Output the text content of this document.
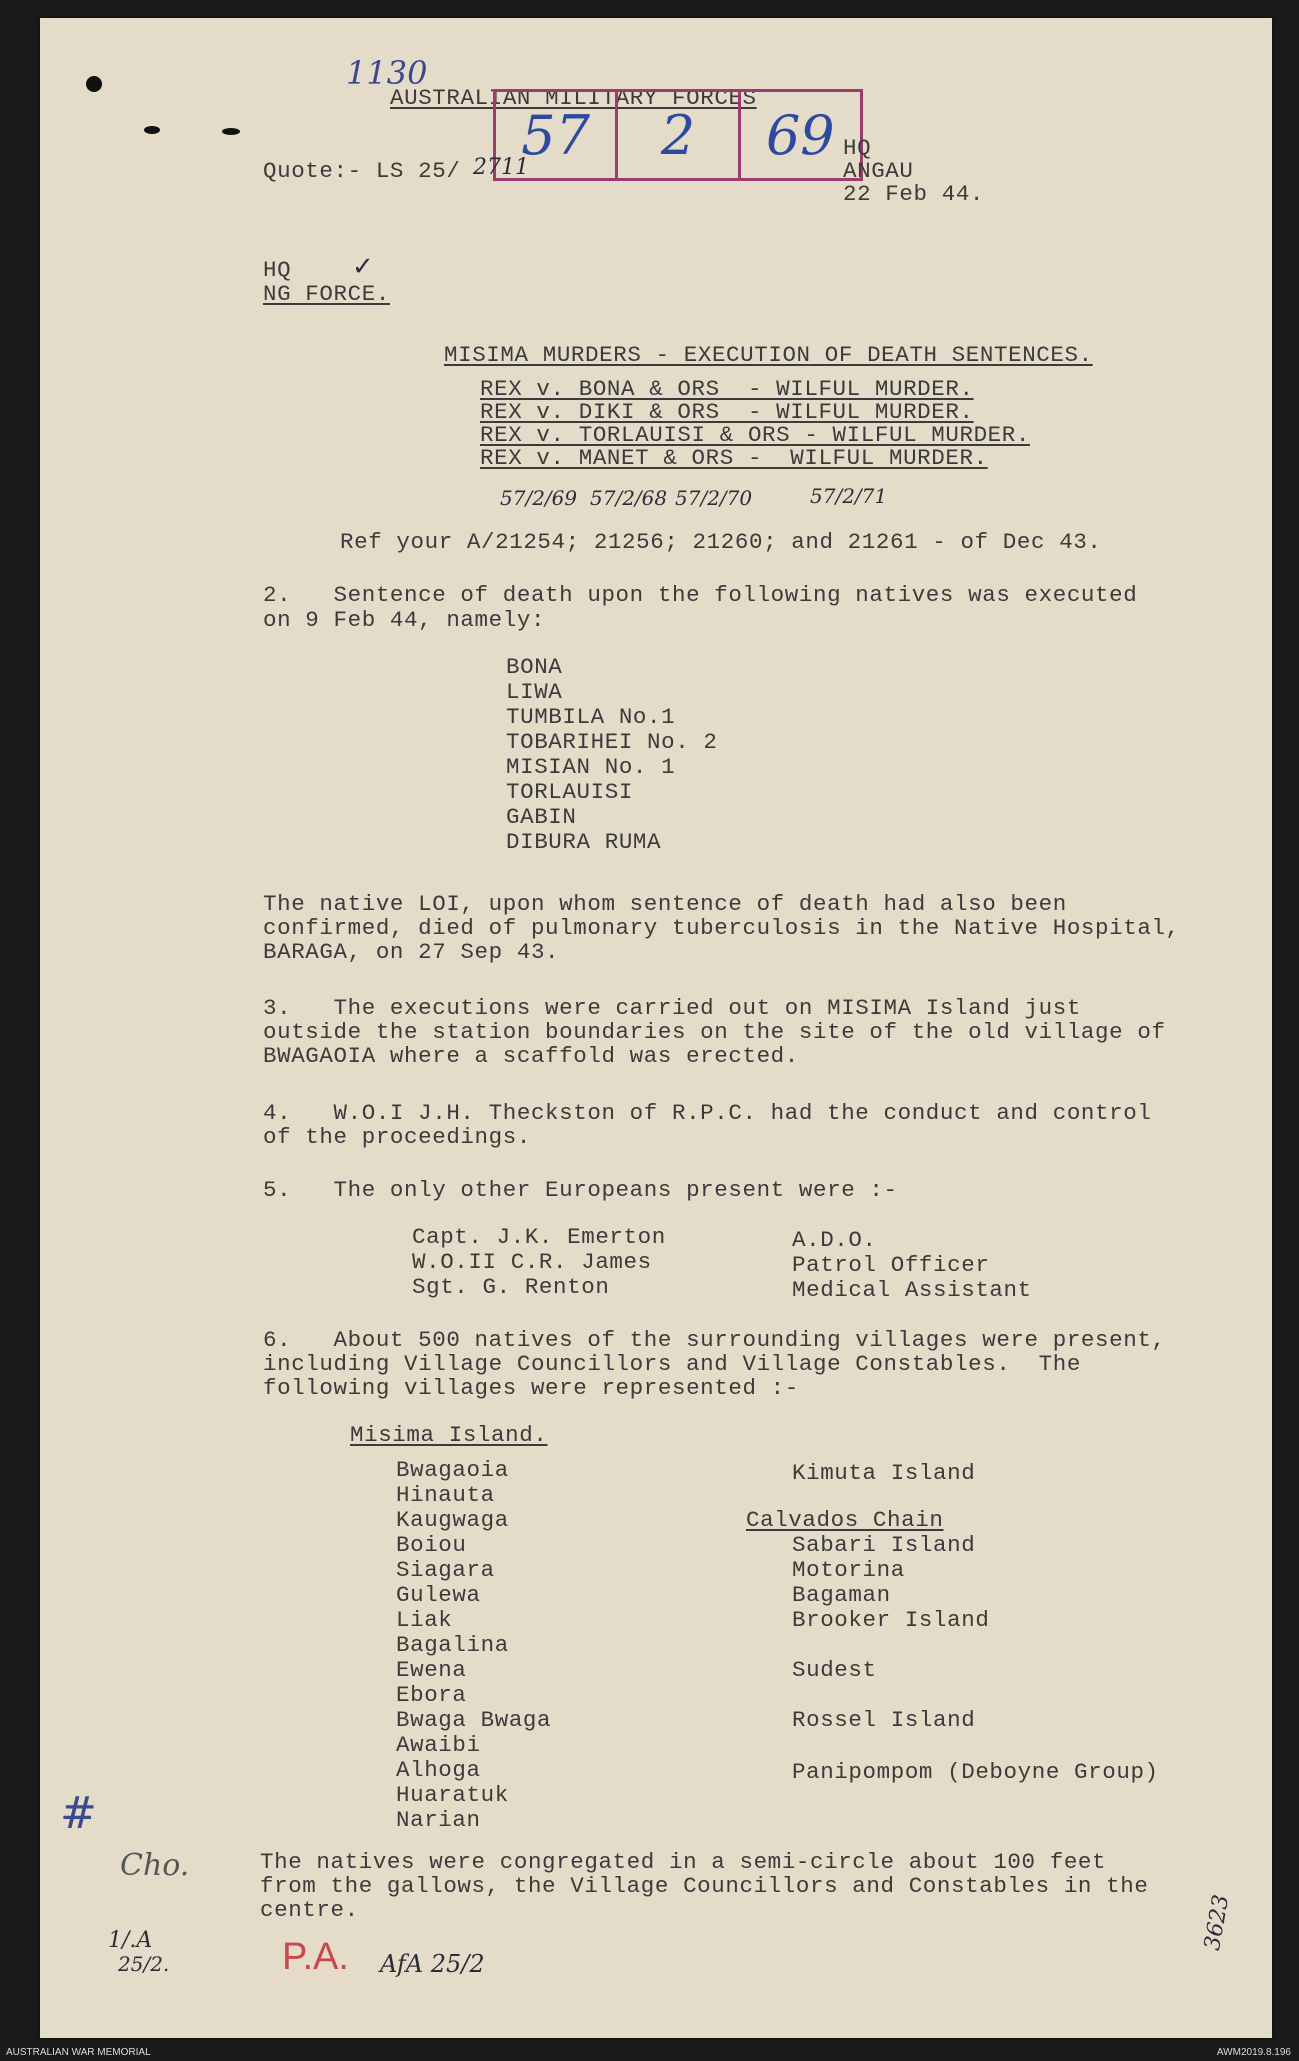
1130
AUSTRALIAN MILITARY FORCES
57	2	69
Quote:- LS 25/ 2711
HQ
ANGAU
22 Feb 44.
HQ ✓
NG FORCE.
MISIMA MURDERS - EXECUTION OF DEATH SENTENCES.
REX v. BONA & ORS  - WILFUL MURDER.
REX v. DIKI & ORS  - WILFUL MURDER.
REX v. TORLAUISI & ORS - WILFUL MURDER.
REX v. MANET & ORS -  WILFUL MURDER.
57/2/69 57/2/68 57/2/70	57/2/71
Ref your A/21254; 21256; 21260; and 21261 - of Dec 43.
2.   Sentence of death upon the following natives was executed
on 9 Feb 44, namely:
BONA
LIWA
TUMBILA No.1
TOBARIHEI No. 2
MISIAN No. 1
TORLAUISI
GABIN
DIBURA RUMA
The native LOI, upon whom sentence of death had also been
confirmed, died of pulmonary tuberculosis in the Native Hospital,
BARAGA, on 27 Sep 43.
3.   The executions were carried out on MISIMA Island just
outside the station boundaries on the site of the old village of
BWAGAOIA where a scaffold was erected.
4.   W.O.I J.H. Theckston of R.P.C. had the conduct and control
of the proceedings.
5.   The only other Europeans present were :-
Capt. J.K. Emerton	A.D.O.
W.O.II C.R. James	Patrol Officer
Sgt. G. Renton	Medical Assistant
6.   About 500 natives of the surrounding villages were present,
including Village Councillors and Village Constables.  The
following villages were represented :-
Misima Island.
Bwagaoia
Hinauta
Kaugwaga
Boiou
Siagara
Gulewa
Liak
Bagalina
Ewena
Ebora
Bwaga Bwaga
Awaibi
Alhoga
Huaratuk
Narian
Kimuta Island
Calvados Chain
Sabari Island
Motorina
Bagaman
Brooker Island
Sudest
Rossel Island
Panipompom (Deboyne Group)
The natives were congregated in a semi-circle about 100 feet
from the gallows, the Village Councillors and Constables in the
centre.
#
Cho.
1/.A
25/2.	P.A. AfA 25/2
3623
AUSTRALIAN WAR MEMORIAL	AWM2019.8.196
